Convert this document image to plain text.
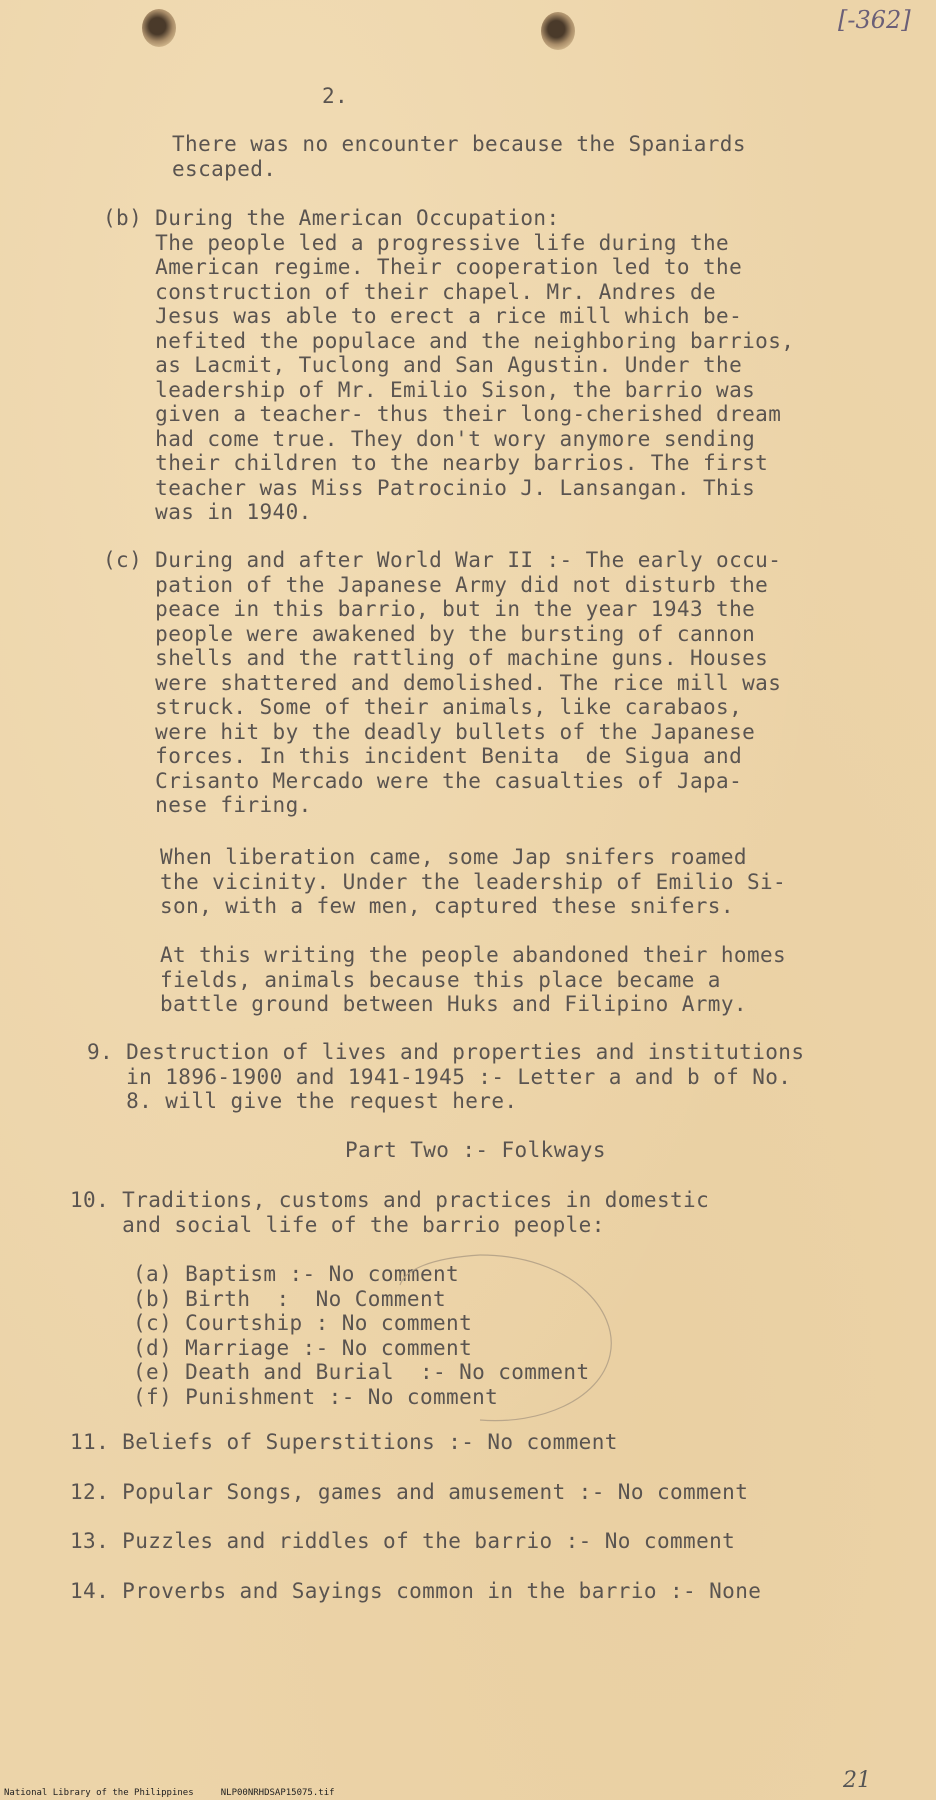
[-362]
2.
There was no encounter because the Spaniards
escaped.
(b) During the American Occupation:
The people led a progressive life during the
American regime. Their cooperation led to the
construction of their chapel. Mr. Andres de
Jesus was able to erect a rice mill which be-
nefited the populace and the neighboring barrios,
as Lacmit, Tuclong and San Agustin. Under the
leadership of Mr. Emilio Sison, the barrio was
given a teacher- thus their long-cherished dream
had come true. They don't wory anymore sending
their children to the nearby barrios. The first
teacher was Miss Patrocinio J. Lansangan. This
was in 1940.
(c) During and after World War II :- The early occu-
pation of the Japanese Army did not disturb the
peace in this barrio, but in the year 1943 the
people were awakened by the bursting of cannon
shells and the rattling of machine guns. Houses
were shattered and demolished. The rice mill was
struck. Some of their animals, like carabaos,
were hit by the deadly bullets of the Japanese
forces. In this incident Benita  de Sigua and
Crisanto Mercado were the casualties of Japa-
nese firing.
When liberation came, some Jap snifers roamed
the vicinity. Under the leadership of Emilio Si-
son, with a few men, captured these snifers.
At this writing the people abandoned their homes
fields, animals because this place became a
battle ground between Huks and Filipino Army.
9. Destruction of lives and properties and institutions
in 1896-1900 and 1941-1945 :- Letter a and b of No.
8. will give the request here.
Part Two :- Folkways
10. Traditions, customs and practices in domestic
and social life of the barrio people:
(a) Baptism :- No comment
(b) Birth  :  No Comment
(c) Courtship : No comment
(d) Marriage :- No comment
(e) Death and Burial  :- No comment
(f) Punishment :- No comment
11. Beliefs of Superstitions :- No comment
12. Popular Songs, games and amusement :- No comment
13. Puzzles and riddles of the barrio :- No comment
14. Proverbs and Sayings common in the barrio :- None
21
National Library of the Philippines     NLP00NRHDSAP15075.tif
